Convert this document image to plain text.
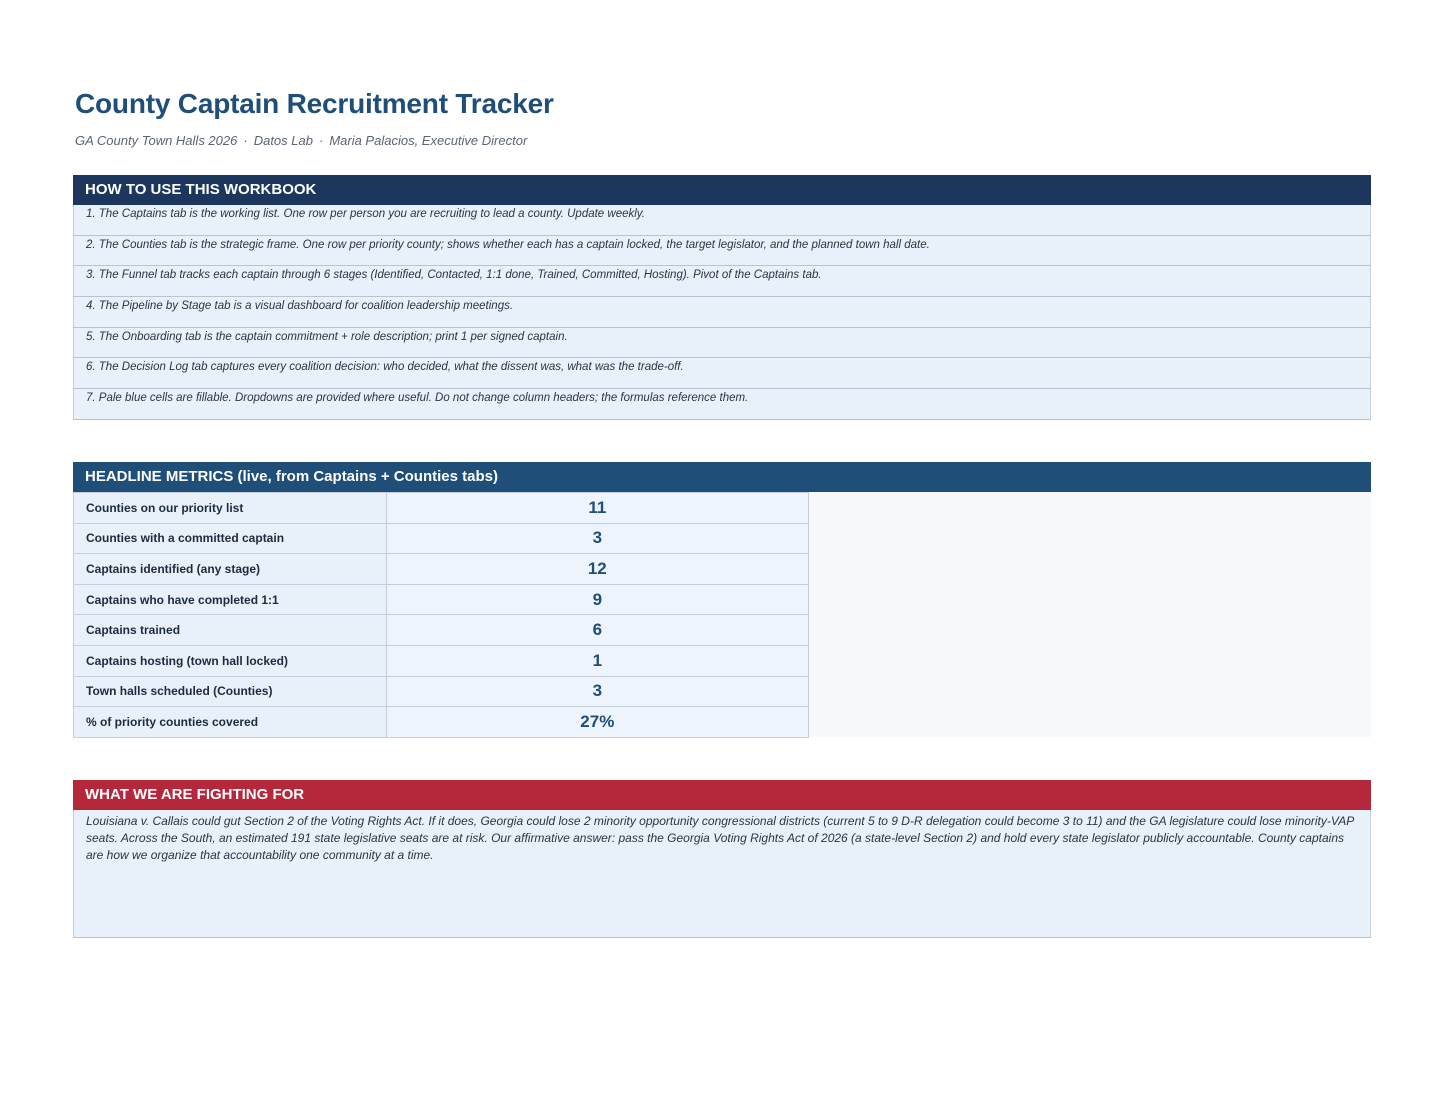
County Captain Recruitment Tracker
GA County Town Halls 2026 · Datos Lab · Maria Palacios, Executive Director
HOW TO USE THIS WORKBOOK
1. The Captains tab is the working list. One row per person you are recruiting to lead a county. Update weekly.
2. The Counties tab is the strategic frame. One row per priority county; shows whether each has a captain locked, the target legislator, and the planned town hall date.
3. The Funnel tab tracks each captain through 6 stages (Identified, Contacted, 1:1 done, Trained, Committed, Hosting). Pivot of the Captains tab.
4. The Pipeline by Stage tab is a visual dashboard for coalition leadership meetings.
5. The Onboarding tab is the captain commitment + role description; print 1 per signed captain.
6. The Decision Log tab captures every coalition decision: who decided, what the dissent was, what was the trade-off.
7. Pale blue cells are fillable. Dropdowns are provided where useful. Do not change column headers; the formulas reference them.
HEADLINE METRICS (live, from Captains + Counties tabs)
Counties on our priority list	11
Counties with a committed captain	3
Captains identified (any stage)	12
Captains who have completed 1:1	9
Captains trained	6
Captains hosting (town hall locked)	1
Town halls scheduled (Counties)	3
% of priority counties covered	27%
WHAT WE ARE FIGHTING FOR
Louisiana v. Callais could gut Section 2 of the Voting Rights Act. If it does, Georgia could lose 2 minority opportunity congressional districts (current 5 to 9 D-R delegation could become 3 to 11) and the GA legislature could lose minority-VAP seats. Across the South, an estimated 191 state legislative seats are at risk. Our affirmative answer: pass the Georgia Voting Rights Act of 2026 (a state-level Section 2) and hold every state legislator publicly accountable. County captains are how we organize that accountability one community at a time.
